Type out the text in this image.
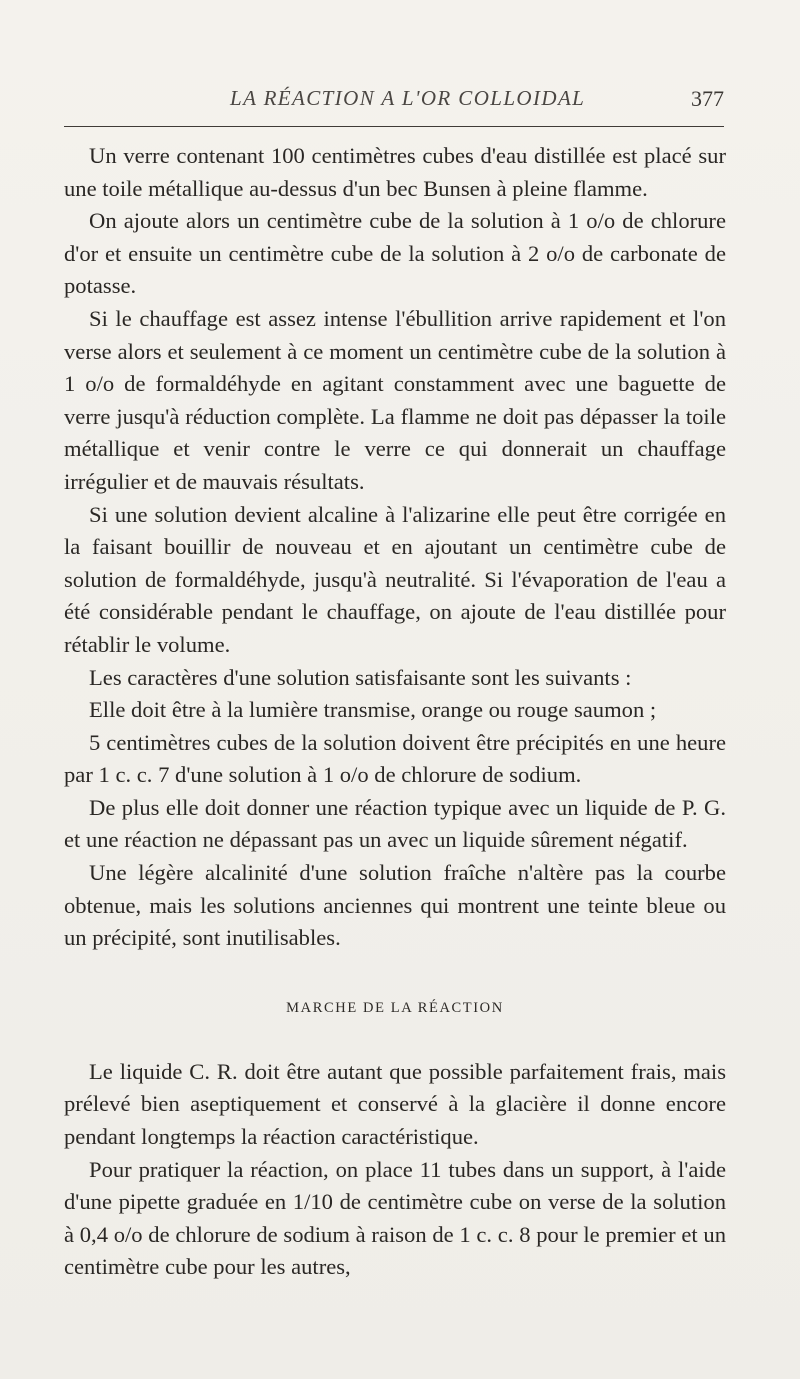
LA RÉACTION A L'OR COLLOIDAL	377

Un verre contenant 100 centimètres cubes d'eau distillée est placé sur une toile métallique au-dessus d'un bec Bunsen à pleine flamme.

On ajoute alors un centimètre cube de la solution à 1 o/o de chlorure d'or et ensuite un centimètre cube de la solution à 2 o/o de carbonate de potasse.

Si le chauffage est assez intense l'ébullition arrive rapidement et l'on verse alors et seulement à ce moment un centimètre cube de la solution à 1 o/o de formaldéhyde en agitant constamment avec une baguette de verre jusqu'à réduction complète. La flamme ne doit pas dépasser la toile métallique et venir contre le verre ce qui donnerait un chauffage irrégulier et de mauvais résultats.

Si une solution devient alcaline à l'alizarine elle peut être corrigée en la faisant bouillir de nouveau et en ajoutant un centimètre cube de solution de formaldéhyde, jusqu'à neutralité. Si l'évaporation de l'eau a été considérable pendant le chauffage, on ajoute de l'eau distillée pour rétablir le volume.

Les caractères d'une solution satisfaisante sont les suivants :

Elle doit être à la lumière transmise, orange ou rouge saumon ;

5 centimètres cubes de la solution doivent être précipités en une heure par 1 c. c. 7 d'une solution à 1 o/o de chlorure de sodium.

De plus elle doit donner une réaction typique avec un liquide de P. G. et une réaction ne dépassant pas un avec un liquide sûrement négatif.

Une légère alcalinité d'une solution fraîche n'altère pas la courbe obtenue, mais les solutions anciennes qui montrent une teinte bleue ou un précipité, sont inutilisables.

MARCHE DE LA RÉACTION

Le liquide C. R. doit être autant que possible parfaitement frais, mais prélevé bien aseptiquement et conservé à la glacière il donne encore pendant longtemps la réaction caractéristique.

Pour pratiquer la réaction, on place 11 tubes dans un support, à l'aide d'une pipette graduée en 1/10 de centimètre cube on verse de la solution à 0,4 o/o de chlorure de sodium à raison de 1 c. c. 8 pour le premier et un centimètre cube pour les autres,
